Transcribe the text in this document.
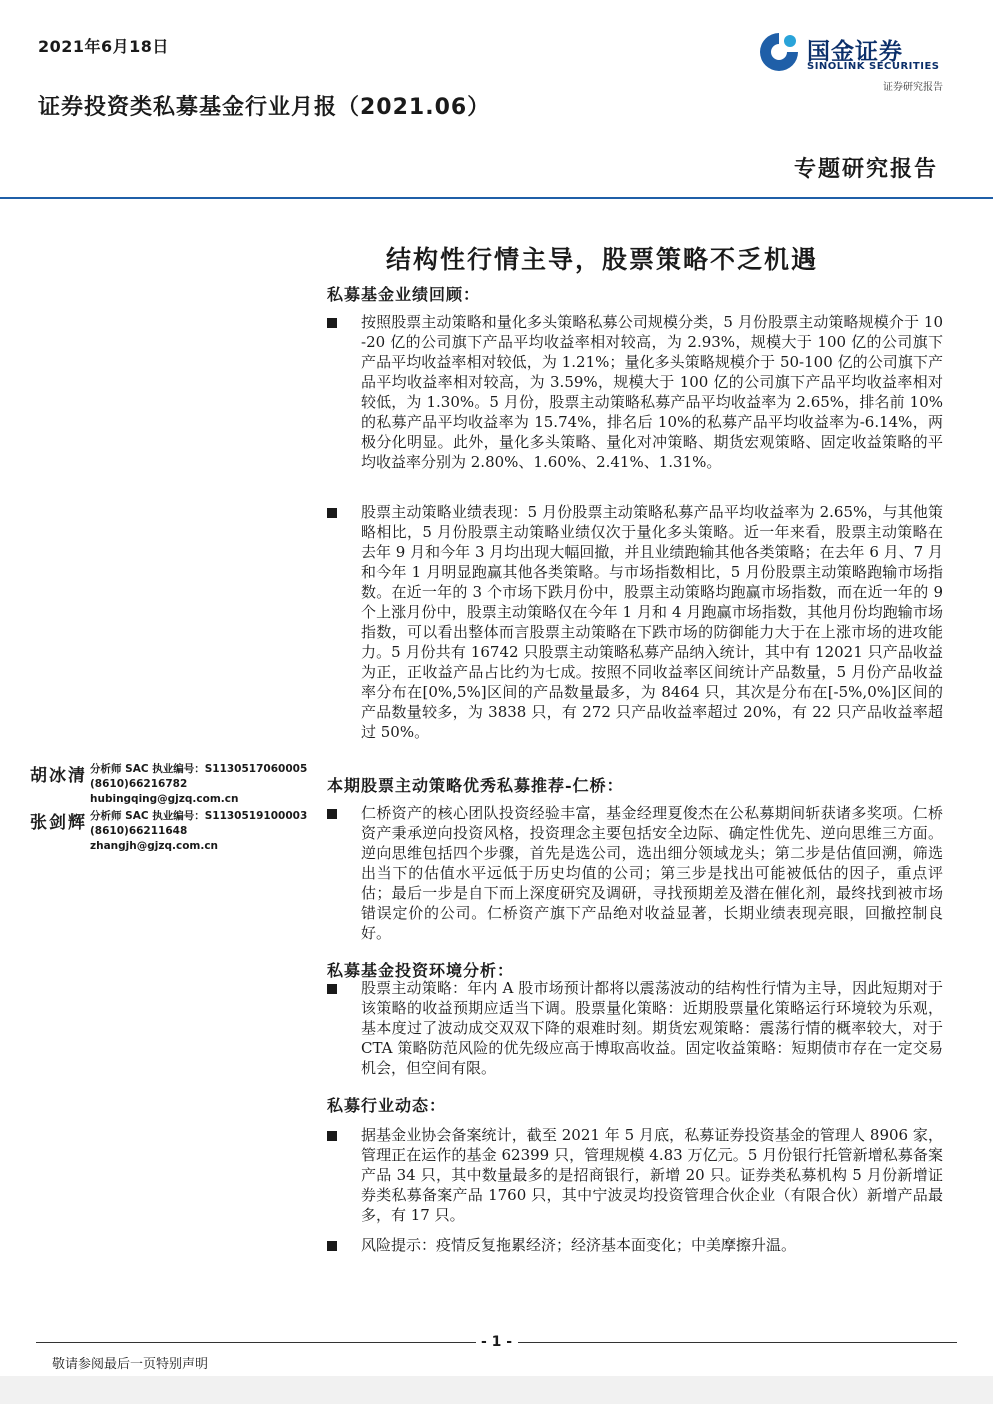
2021年6月18日
证券投资类私募基金行业月报（2021.06）
国金证券
SINOLINK SECURITIES
证券研究报告
专题研究报告
结构性行情主导，股票策略不乏机遇
私募基金业绩回顾：
按照股票主动策略和量化多头策略私募公司规模分类，5 月份股票主动策略规模介于 10-20 亿的公司旗下产品平均收益率相对较高，为 2.93%，规模大于 100 亿的公司旗下产品平均收益率相对较低，为 1.21%；量化多头策略规模介于 50-100 亿的公司旗下产品平均收益率相对较高，为 3.59%，规模大于 100 亿的公司旗下产品平均收益率相对较低，为 1.30%。5 月份，股票主动策略私募产品平均收益率为 2.65%，排名前 10%的私募产品平均收益率为 15.74%，排名后 10%的私募产品平均收益率为-6.14%，两极分化明显。此外，量化多头策略、量化对冲策略、期货宏观策略、固定收益策略的平均收益率分别为 2.80%、1.60%、2.41%、1.31%。
股票主动策略业绩表现：5 月份股票主动策略私募产品平均收益率为 2.65%，与其他策略相比，5 月份股票主动策略业绩仅次于量化多头策略。近一年来看，股票主动策略在去年 9 月和今年 3 月均出现大幅回撤，并且业绩跑输其他各类策略；在去年 6 月、7 月和今年 1 月明显跑赢其他各类策略。与市场指数相比，5 月份股票主动策略跑输市场指数。在近一年的 3 个市场下跌月份中，股票主动策略均跑赢市场指数，而在近一年的 9 个上涨月份中，股票主动策略仅在今年 1 月和 4 月跑赢市场指数，其他月份均跑输市场指数，可以看出整体而言股票主动策略在下跌市场的防御能力大于在上涨市场的进攻能力。5 月份共有 16742 只股票主动策略私募产品纳入统计，其中有 12021 只产品收益为正，正收益产品占比约为七成。按照不同收益率区间统计产品数量，5 月份产品收益率分布在[0%,5%]区间的产品数量最多，为 8464 只，其次是分布在[-5%,0%]区间的产品数量较多，为 3838 只，有 272 只产品收益率超过 20%，有 22 只产品收益率超过 50%。
本期股票主动策略优秀私募推荐-仁桥：
仁桥资产的核心团队投资经验丰富，基金经理夏俊杰在公私募期间斩获诸多奖项。仁桥资产秉承逆向投资风格，投资理念主要包括安全边际、确定性优先、逆向思维三方面。逆向思维包括四个步骤，首先是选公司，选出细分领域龙头；第二步是估值回溯，筛选出当下的估值水平远低于历史均值的公司；第三步是找出可能被低估的因子，重点评估；最后一步是自下而上深度研究及调研，寻找预期差及潜在催化剂，最终找到被市场错误定价的公司。仁桥资产旗下产品绝对收益显著，长期业绩表现亮眼，回撤控制良好。
私募基金投资环境分析：
股票主动策略：年内 A 股市场预计都将以震荡波动的结构性行情为主导，因此短期对于该策略的收益预期应适当下调。股票量化策略：近期股票量化策略运行环境较为乐观，基本度过了波动成交双双下降的艰难时刻。期货宏观策略：震荡行情的概率较大，对于 CTA 策略防范风险的优先级应高于博取高收益。固定收益策略：短期债市存在一定交易机会，但空间有限。
私募行业动态：
据基金业协会备案统计，截至 2021 年 5 月底，私募证券投资基金的管理人 8906 家，管理正在运作的基金 62399 只，管理规模 4.83 万亿元。5 月份银行托管新增私募备案产品 34 只，其中数量最多的是招商银行，新增 20 只。证券类私募机构 5 月份新增证券类私募备案产品 1760 只，其中宁波灵均投资管理合伙企业（有限合伙）新增产品最多，有 17 只。
风险提示：疫情反复拖累经济；经济基本面变化；中美摩擦升温。
胡冰清 分析师 SAC 执业编号：S1130517060005
(8610)66216782
hubingqing@gjzq.com.cn
张剑辉 分析师 SAC 执业编号：S1130519100003
(8610)66211648
zhangjh@gjzq.com.cn
- 1 -
敬请参阅最后一页特别声明
